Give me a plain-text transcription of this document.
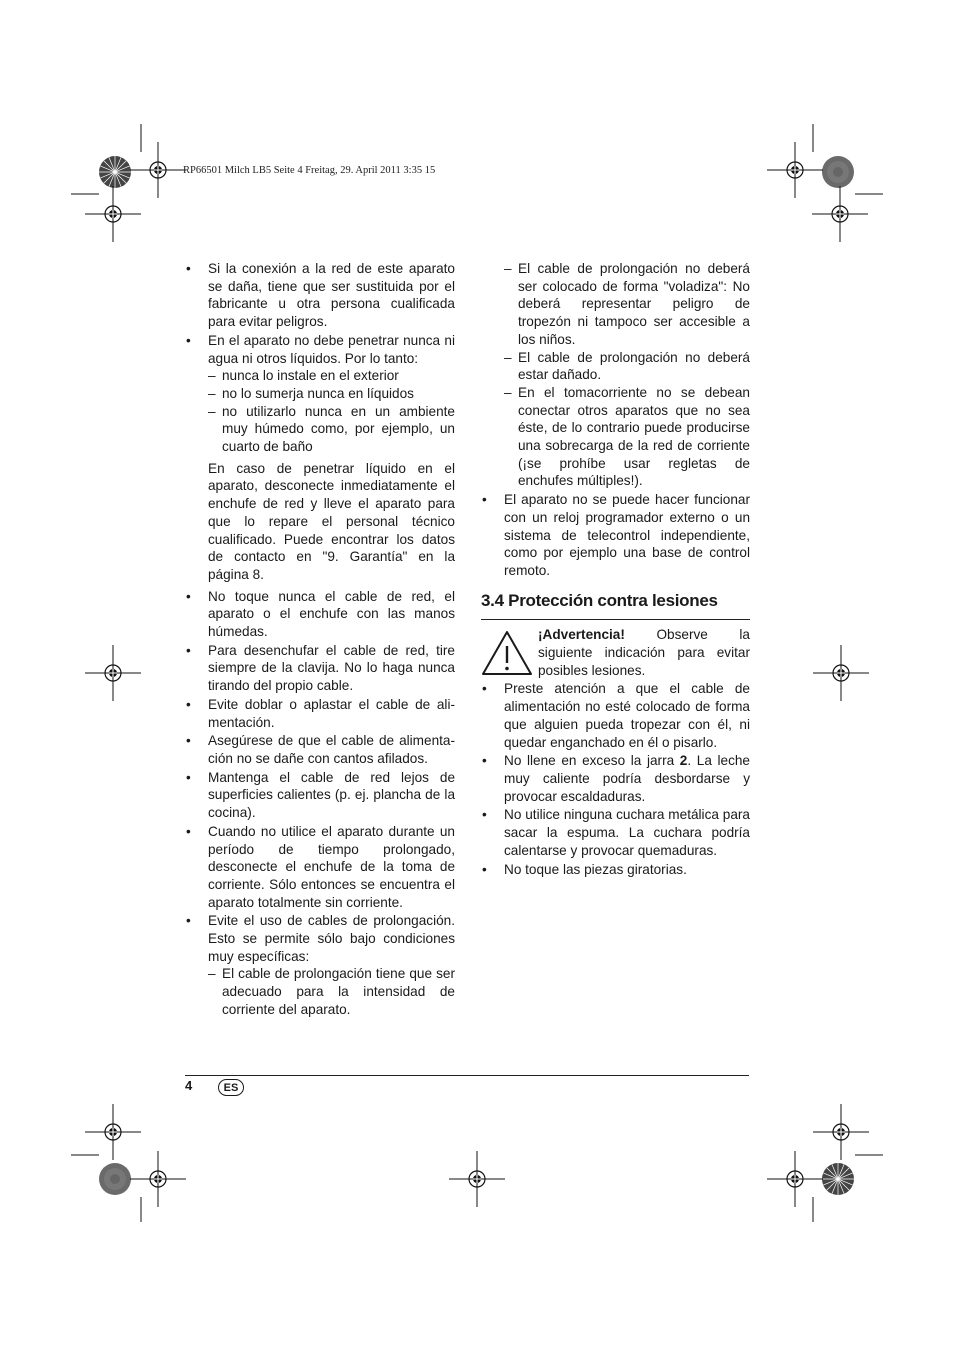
RP66501 Milch LB5 Seite 4 Freitag, 29. April 2011 3:35 15
• Si la conexión a la red de este aparato se daña, tiene que ser sustituida por el fabricante u otra persona cualificada para evitar peligros.
• En el aparato no debe penetrar nunca ni agua ni otros líquidos. Por lo tanto:
– nunca lo instale en el exterior
– no lo sumerja nunca en líquidos
– no utilizarlo nunca en un ambiente muy húmedo como, por ejemplo, un cuarto de baño

En caso de penetrar líquido en el aparato, desconecte inmediatamente el enchufe de red y lleve el aparato para que lo repare el personal técnico cualificado. Puede encontrar los datos de contacto en "9. Garantía" en la página 8.

• No toque nunca el cable de red, el aparato o el enchufe con las manos húmedas.
• Para desenchufar el cable de red, tire siempre de la clavija. No lo haga nunca tirando del propio cable.
• Evite doblar o aplastar el cable de ali-mentación.
• Asegúrese de que el cable de alimenta-ción no se dañe con cantos afilados.
• Mantenga el cable de red lejos de superficies calientes (p. ej. plancha de la cocina).
• Cuando no utilice el aparato durante un período de tiempo prolongado, desconecte el enchufe de la toma de corriente. Sólo entonces se encuentra el aparato totalmente sin corriente.
• Evite el uso de cables de prolongación. Esto se permite sólo bajo condiciones muy específicas:
– El cable de prolongación tiene que ser adecuado para la intensidad de corriente del aparato.
– El cable de prolongación no deberá ser colocado de forma "voladiza": No deberá representar peligro de tropezón ni tampoco ser accesible a los niños.
– El cable de prolongación no deberá estar dañado.
– En el tomacorriente no se debean conectar otros aparatos que no sea éste, de lo contrario puede producirse una sobrecarga de la red de corriente (¡se prohíbe usar regletas de enchufes múltiples!).
• El aparato no se puede hacer funcionar con un reloj programador externo o un sistema de telecontrol independiente, como por ejemplo una base de control remoto.
3.4 Protección contra lesiones
¡Advertencia! Observe la siguiente indicación para evitar posibles lesiones.
• Preste atención a que el cable de alimentación no esté colocado de forma que alguien pueda tropezar con él, ni quedar enganchado en él o pisarlo.
• No llene en exceso la jarra 2. La leche muy caliente podría desbordarse y provocar escaldaduras.
• No utilice ninguna cuchara metálica para sacar la espuma. La cuchara podría calentarse y provocar quemaduras.
• No toque las piezas giratorias.
4	ES
